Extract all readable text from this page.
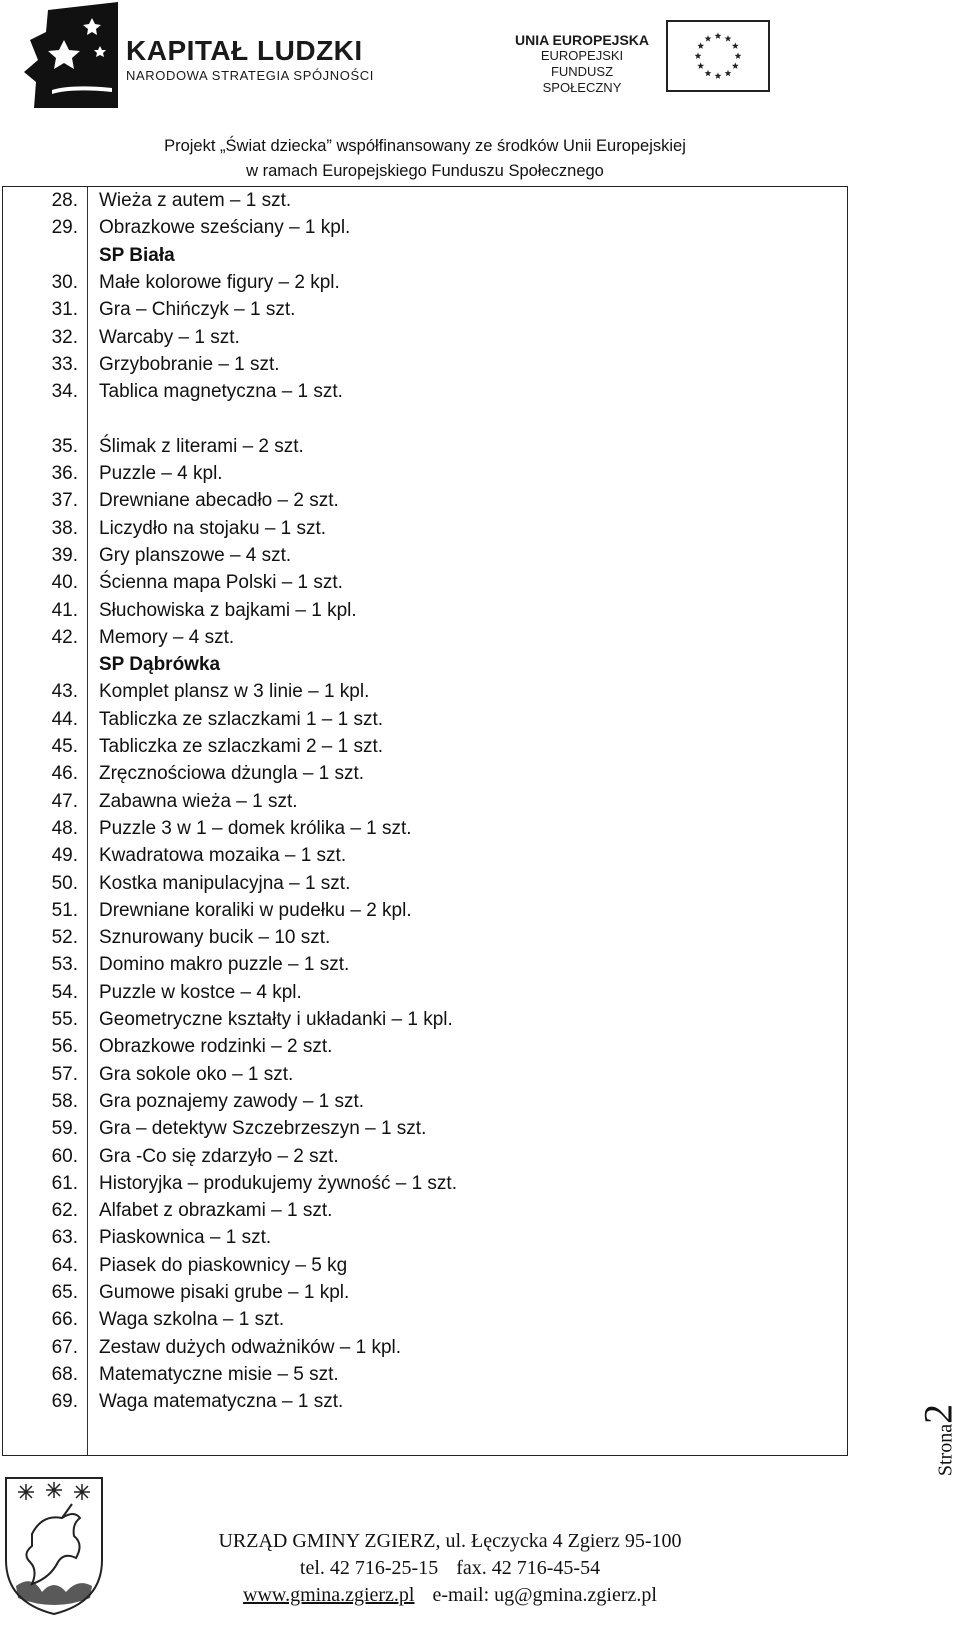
KAPITAŁ LUDZKI
NARODOWA STRATEGIA SPÓJNOŚCI
UNIA EUROPEJSKA
EUROPEJSKI
FUNDUSZ SPOŁECZNY
Projekt „Świat dziecka” współfinansowany ze środków Unii Europejskiej
w ramach Europejskiego Funduszu Społecznego
28. Wieża z autem – 1 szt.
29. Obrazkowe sześciany – 1 kpl.
SP Biała
30. Małe kolorowe figury – 2 kpl.
31. Gra – Chińczyk – 1 szt.
32. Warcaby – 1 szt.
33. Grzybobranie – 1 szt.
34. Tablica magnetyczna – 1 szt.
35. Ślimak z literami – 2 szt.
36. Puzzle – 4 kpl.
37. Drewniane abecadło – 2 szt.
38. Liczydło na stojaku – 1 szt.
39. Gry planszowe – 4 szt.
40. Ścienna mapa Polski – 1 szt.
41. Słuchowiska z bajkami – 1 kpl.
42. Memory – 4 szt.
SP Dąbrówka
43. Komplet plansz w 3 linie – 1 kpl.
44. Tabliczka ze szlaczkami 1 – 1 szt.
45. Tabliczka ze szlaczkami 2 – 1 szt.
46. Zręcznościowa dżungla – 1 szt.
47. Zabawna wieża – 1 szt.
48. Puzzle 3 w 1 – domek królika – 1 szt.
49. Kwadratowa mozaika – 1 szt.
50. Kostka manipulacyjna – 1 szt.
51. Drewniane koraliki w pudełku – 2 kpl.
52. Sznurowany bucik – 10 szt.
53. Domino makro puzzle – 1 szt.
54. Puzzle w kostce – 4 kpl.
55. Geometryczne kształty i układanki – 1 kpl.
56. Obrazkowe rodzinki – 2 szt.
57. Gra sokole oko – 1 szt.
58. Gra poznajemy zawody – 1 szt.
59. Gra – detektyw Szczebrzeszyn – 1 szt.
60. Gra -Co się zdarzyło – 2 szt.
61. Historyjka – produkujemy żywność – 1 szt.
62. Alfabet z obrazkami – 1 szt.
63. Piaskownica – 1 szt.
64. Piasek do piaskownicy – 5 kg
65. Gumowe pisaki grube – 1 kpl.
66. Waga szkolna – 1 szt.
67. Zestaw dużych odważników – 1 kpl.
68. Matematyczne misie – 5 szt.
69. Waga matematyczna – 1 szt.
Strona2
URZĄD GMINY ZGIERZ, ul. Łęczycka 4 Zgierz 95-100
tel. 42 716-25-15 fax. 42 716-45-54
www.gmina.zgierz.pl e-mail: ug@gmina.zgierz.pl
